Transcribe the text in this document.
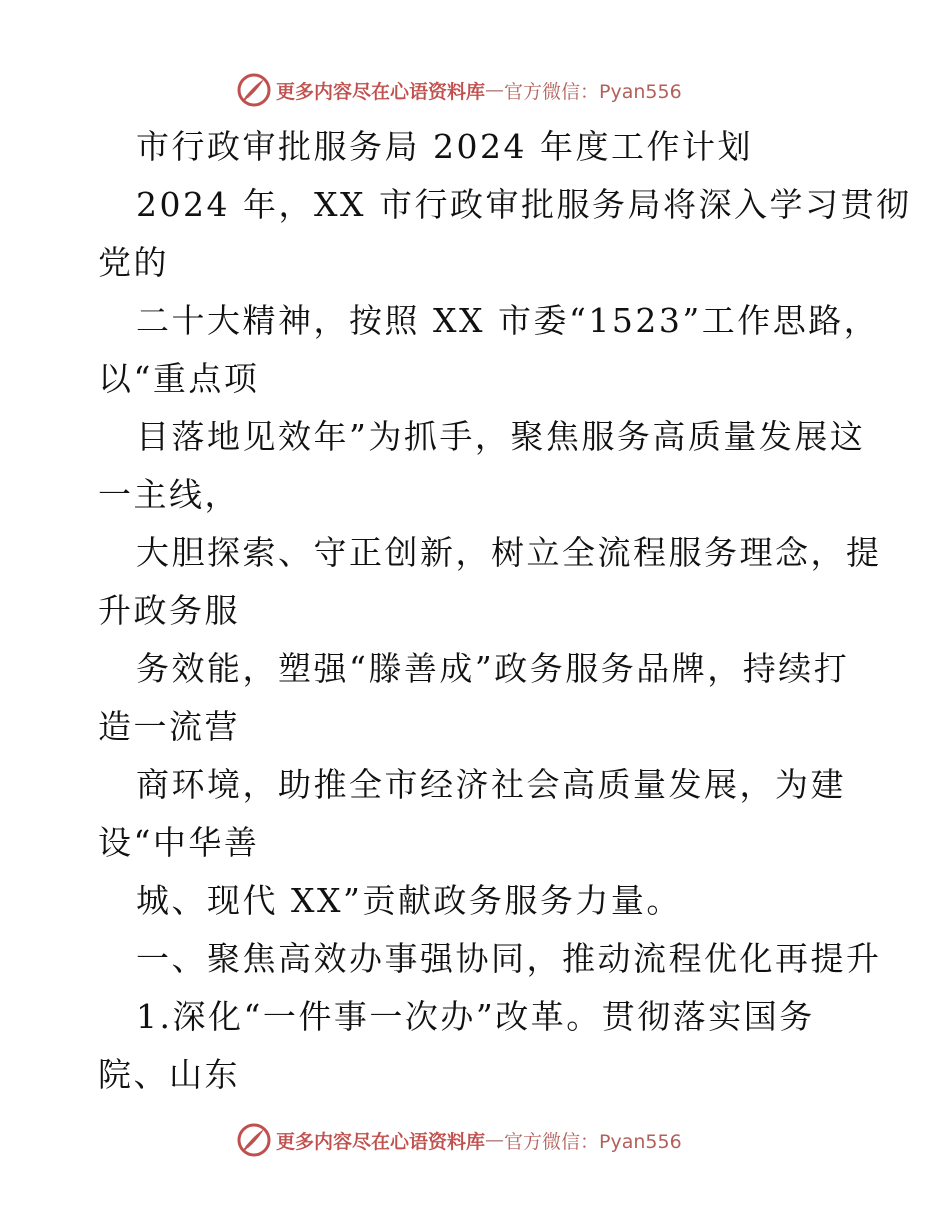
更多内容尽在心语资料库 — 官方微信：Pyan556
市行政审批服务局 2024 年度工作计划
2024 年，XX 市行政审批服务局将深入学习贯彻
党的
二十大精神，按照 XX 市委“1523”工作思路，
以“重点项
目落地见效年”为抓手，聚焦服务高质量发展这
一主线，
大胆探索、守正创新，树立全流程服务理念，提
升政务服
务效能，塑强“滕善成”政务服务品牌，持续打
造一流营
商环境，助推全市经济社会高质量发展，为建
设“中华善
城、现代 XX”贡献政务服务力量。
一、聚焦高效办事强协同，推动流程优化再提升
1.深化“一件事一次办”改革。贯彻落实国务
院、山东
更多内容尽在心语资料库 — 官方微信：Pyan556
